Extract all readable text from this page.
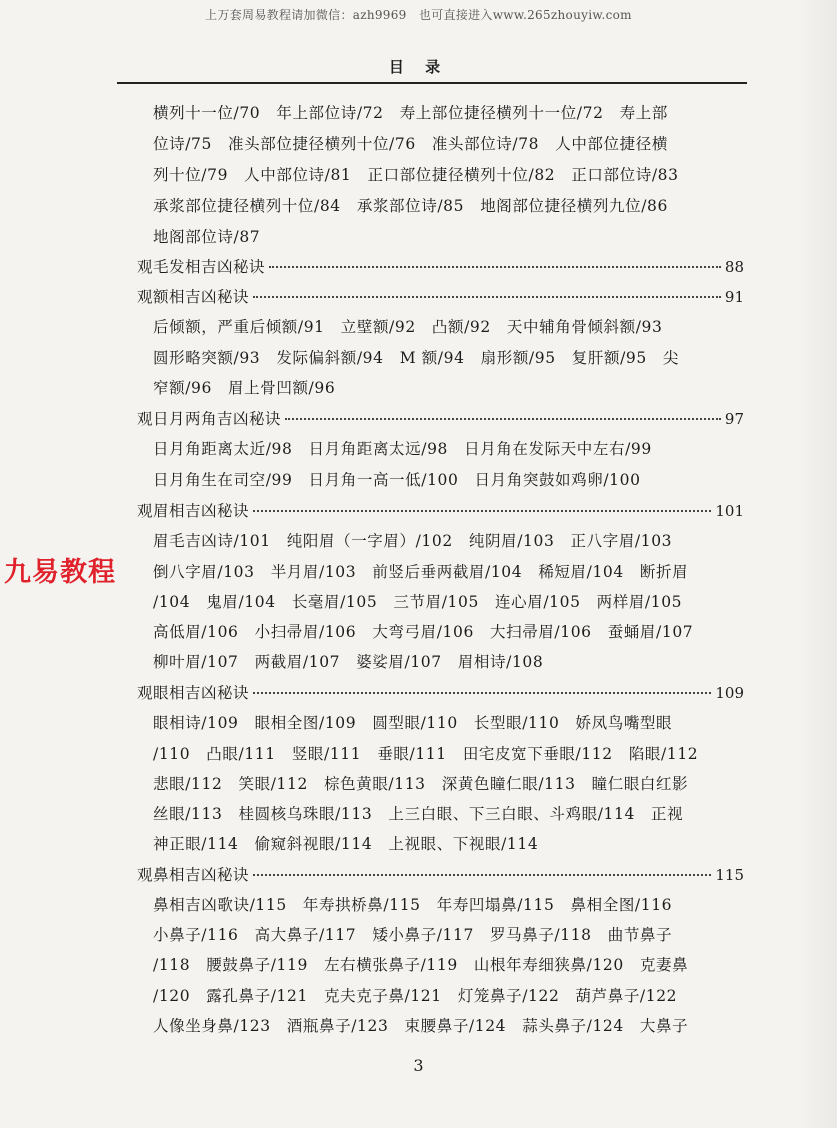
上万套周易教程请加微信：azh9969　也可直接进入www.265zhouyiw.com
目 录
横列十一位/70　年上部位诗/72　寿上部位捷径横列十一位/72　寿上部
位诗/75　准头部位捷径横列十位/76　准头部位诗/78　人中部位捷径横
列十位/79　人中部位诗/81　正口部位捷径横列十位/82　正口部位诗/83
承浆部位捷径横列十位/84　承浆部位诗/85　地阁部位捷径横列九位/86
地阁部位诗/87
观毛发相吉凶秘诀	88
观额相吉凶秘诀	91
后倾额，严重后倾额/91　立壁额/92　凸额/92　天中辅角骨倾斜额/93
圆形略突额/93　发际偏斜额/94　M 额/94　扇形额/95　复肝额/95　尖
窄额/96　眉上骨凹额/96
观日月两角吉凶秘诀	97
日月角距离太近/98　日月角距离太远/98　日月角在发际天中左右/99
日月角生在司空/99　日月角一高一低/100　日月角突鼓如鸡卵/100
观眉相吉凶秘诀	101
眉毛吉凶诗/101　纯阳眉（一字眉）/102　纯阴眉/103　正八字眉/103
倒八字眉/103　半月眉/103　前竖后垂两截眉/104　稀短眉/104　断折眉
/104　鬼眉/104　长毫眉/105　三节眉/105　连心眉/105　两样眉/105
高低眉/106　小扫帚眉/106　大弯弓眉/106　大扫帚眉/106　蚕蛹眉/107
柳叶眉/107　两截眉/107　婆娑眉/107　眉相诗/108
观眼相吉凶秘诀	109
眼相诗/109　眼相全图/109　圆型眼/110　长型眼/110　娇凤鸟嘴型眼
/110　凸眼/111　竖眼/111　垂眼/111　田宅皮宽下垂眼/112　陷眼/112
悲眼/112　笑眼/112　棕色黄眼/113　深黄色瞳仁眼/113　瞳仁眼白红影
丝眼/113　桂圆核乌珠眼/113　上三白眼、下三白眼、斗鸡眼/114　正视
神正眼/114　偷窥斜视眼/114　上视眼、下视眼/114
观鼻相吉凶秘诀	115
鼻相吉凶歌诀/115　年寿拱桥鼻/115　年寿凹塌鼻/115　鼻相全图/116
小鼻子/116　高大鼻子/117　矮小鼻子/117　罗马鼻子/118　曲节鼻子
/118　腰鼓鼻子/119　左右横张鼻子/119　山根年寿细狭鼻/120　克妻鼻
/120　露孔鼻子/121　克夫克子鼻/121　灯笼鼻子/122　葫芦鼻子/122
人像坐身鼻/123　酒瓶鼻子/123　束腰鼻子/124　蒜头鼻子/124　大鼻子
九易教程
3
